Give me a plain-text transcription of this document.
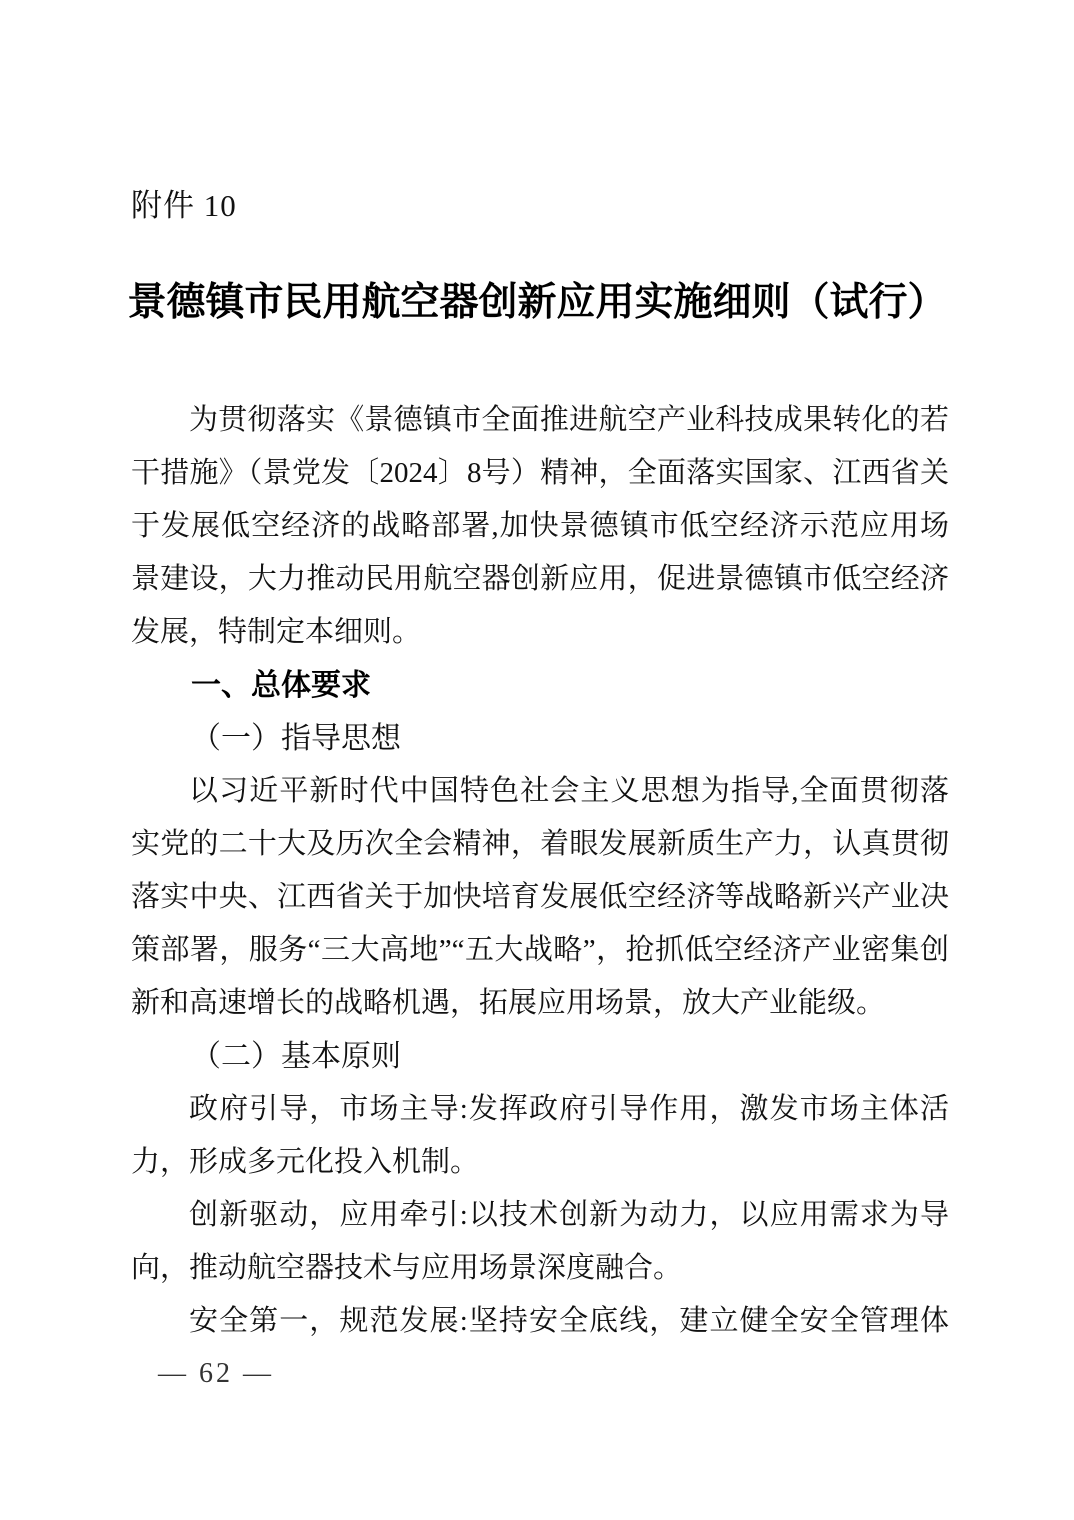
附件 10
景德镇市民用航空器创新应用实施细则（试行）

为贯彻落实《景德镇市全面推进航空产业科技成果转化的若干措施》（景党发〔2024〕8号）精神，全面落实国家、江西省关于发展低空经济的战略部署,加快景德镇市低空经济示范应用场景建设，大力推动民用航空器创新应用，促进景德镇市低空经济发展，特制定本细则。

一、总体要求
（一）指导思想

以习近平新时代中国特色社会主义思想为指导,全面贯彻落实党的二十大及历次全会精神，着眼发展新质生产力，认真贯彻落实中央、江西省关于加快培育发展低空经济等战略新兴产业决策部署，服务“三大高地”“五大战略”，抢抓低空经济产业密集创新和高速增长的战略机遇，拓展应用场景，放大产业能级。

（二）基本原则

政府引导，市场主导:发挥政府引导作用，激发市场主体活力，形成多元化投入机制。

创新驱动，应用牵引:以技术创新为动力，以应用需求为导向，推动航空器技术与应用场景深度融合。

安全第一，规范发展:坚持安全底线，建立健全安全管理体

— 62 —
